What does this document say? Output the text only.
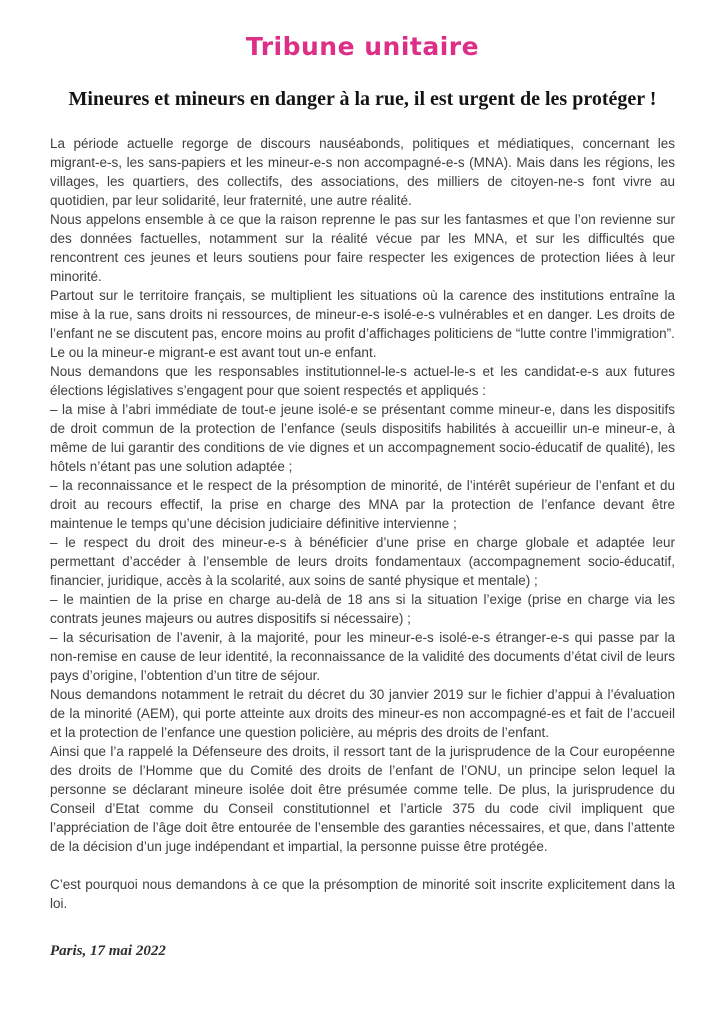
Tribune unitaire
Mineures et mineurs en danger à la rue, il est urgent de les protéger !

La période actuelle regorge de discours nauséabonds, politiques et médiatiques, concernant les migrant-e-s, les sans-papiers et les mineur-e-s non accompagné-e-s (MNA). Mais dans les régions, les villages, les quartiers, des collectifs, des associations, des milliers de citoyen-ne-s font vivre au quotidien, par leur solidarité, leur fraternité, une autre réalité.

Nous appelons ensemble à ce que la raison reprenne le pas sur les fantasmes et que l’on revienne sur des données factuelles, notamment sur la réalité vécue par les MNA, et sur les difficultés que rencontrent ces jeunes et leurs soutiens pour faire respecter les exigences de protection liées à leur minorité.

Partout sur le territoire français, se multiplient les situations où la carence des institutions entraîne la mise à la rue, sans droits ni ressources, de mineur-e-s isolé-e-s vulnérables et en danger. Les droits de l’enfant ne se discutent pas, encore moins au profit d’affichages politiciens de “lutte contre l’immigration”.

Le ou la mineur-e migrant-e est avant tout un-e enfant.

Nous demandons que les responsables institutionnel-le-s actuel-le-s et les candidat-e-s aux futures élections législatives s’engagent pour que soient respectés et appliqués :

– la mise à l’abri immédiate de tout-e jeune isolé-e se présentant comme mineur-e, dans les dispositifs de droit commun de la protection de l’enfance (seuls dispositifs habilités à accueillir un-e mineur-e, à même de lui garantir des conditions de vie dignes et un accompagnement socio-éducatif de qualité), les hôtels n’étant pas une solution adaptée ;

– la reconnaissance et le respect de la présomption de minorité, de l’intérêt supérieur de l’enfant et du droit au recours effectif, la prise en charge des MNA par la protection de l’enfance devant être maintenue le temps qu’une décision judiciaire définitive intervienne ;

– le respect du droit des mineur-e-s à bénéficier d’une prise en charge globale et adaptée leur permettant d’accéder à l’ensemble de leurs droits fondamentaux (accompagnement socio-éducatif, financier, juridique, accès à la scolarité, aux soins de santé physique et mentale) ;

– le maintien de la prise en charge au-delà de 18 ans si la situation l’exige (prise en charge via les contrats jeunes majeurs ou autres dispositifs si nécessaire) ;

– la sécurisation de l’avenir, à la majorité, pour les mineur-e-s isolé-e-s étranger-e-s qui passe par la non-remise en cause de leur identité, la reconnaissance de la validité des documents d’état civil de leurs pays d’origine, l’obtention d’un titre de séjour.

Nous demandons notamment le retrait du décret du 30 janvier 2019 sur le fichier d’appui à l’évaluation de la minorité (AEM), qui porte atteinte aux droits des mineur-es non accompagné-es et fait de l’accueil et la protection de l’enfance une question policière, au mépris des droits de l’enfant.

Ainsi que l’a rappelé la Défenseure des droits, il ressort tant de la jurisprudence de la Cour européenne des droits de l’Homme que du Comité des droits de l’enfant de l’ONU, un principe selon lequel la personne se déclarant mineure isolée doit être présumée comme telle. De plus, la jurisprudence du Conseil d’Etat comme du Conseil constitutionnel et l’article 375 du code civil impliquent que l’appréciation de l’âge doit être entourée de l’ensemble des garanties nécessaires, et que, dans l’attente de la décision d’un juge indépendant et impartial, la personne puisse être protégée.

C’est pourquoi nous demandons à ce que la présomption de minorité soit inscrite explicitement dans la loi.

Paris, 17 mai 2022
